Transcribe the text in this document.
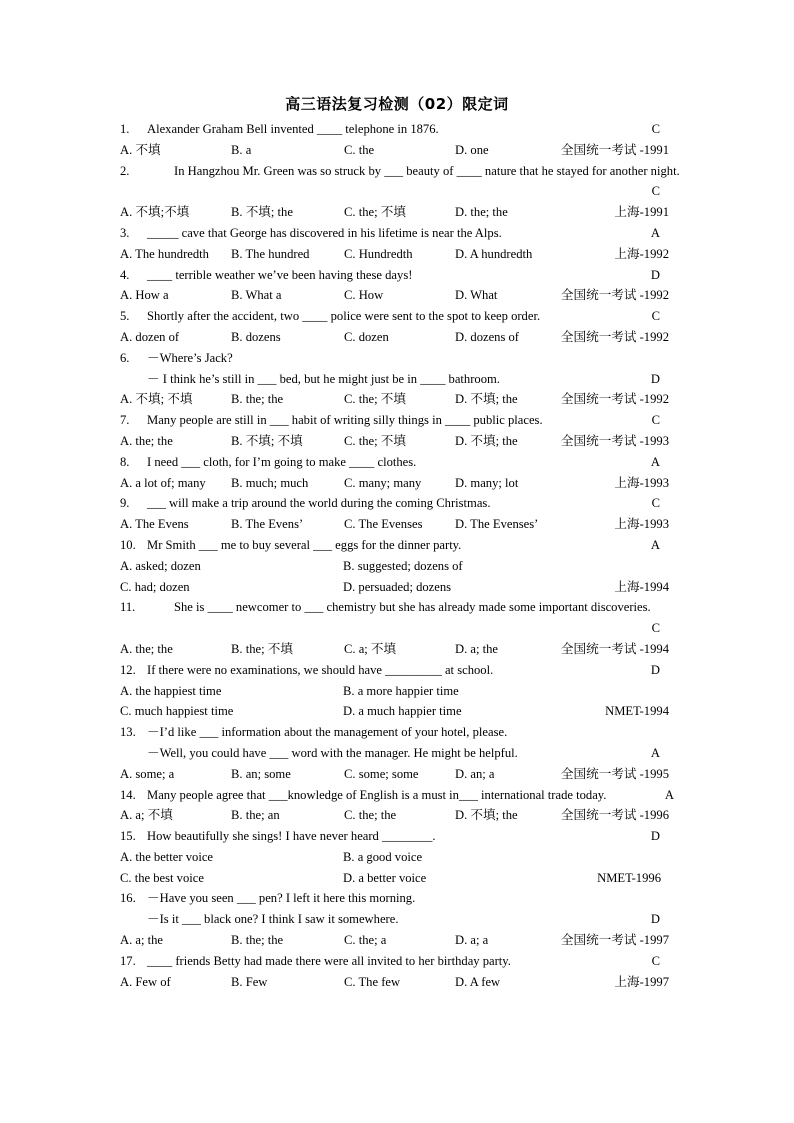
高三语法复习检测（02）限定词
1. Alexander Graham Bell invented ____ telephone in 1876.	C
A. 不填	B. a	C. the	D. one	全国统一考试 -1991
2.	In Hangzhou Mr. Green was so struck by ___ beauty of ____ nature that he stayed for another night.
C
A. 不填;不填	B. 不填; the	C. the; 不填	D. the; the	上海-1991
3. _____ cave that George has discovered in his lifetime is near the Alps.	A
A. The hundredth B. The hundred	C. Hundredth	D. A hundredth	上海-1992
4. ____ terrible weather we’ve been having these days!	D
A. How a	B. What a	C. How	D. What	全国统一考试 -1992
5. Shortly after the accident, two ____ police were sent to the spot to keep order.	C
A. dozen of	B. dozens	C. dozen	D. dozens of	全国统一考试 -1992
6. －Where’s Jack?
－ I think he’s still in ___ bed, but he might just be in ____ bathroom.	D
A. 不填; 不填	B. the; the	C. the; 不填	D. 不填; the	全国统一考试 -1992
7. Many people are still in ___ habit of writing silly things in ____ public places.	C
A. the; the	B. 不填; 不填	C. the; 不填	D. 不填; the	全国统一考试 -1993
8. I need ___ cloth, for I’m going to make ____ clothes.	A
A. a lot of; many B. much; much	C. many; many	D. many; lot	上海-1993
9. ___ will make a trip around the world during the coming Christmas.	C
A. The Evens	B. The Evens’	C. The Evenses	D. The Evenses’	上海-1993
10. Mr Smith ___ me to buy several ___ eggs for the dinner party.	A
A. asked; dozen	B. suggested; dozens of
C. had; dozen	D. persuaded; dozens	上海-1994
11.	She is ____ newcomer to ___ chemistry but she has already made some important discoveries.
C
A. the; the	B. the; 不填	C. a; 不填	D. a; the	全国统一考试 -1994
12. If there were no examinations, we should have _________ at school.	D
A. the happiest time	B. a more happier time
C. much happiest time	D. a much happier time	NMET-1994
13. －I’d like ___ information about the management of your hotel, please.
－Well, you could have ___ word with the manager. He might be helpful.	A
A. some; a	B. an; some	C. some; some	D. an; a	全国统一考试 -1995
14. Many people agree that ___knowledge of English is a must in___ international trade today.	A
A. a; 不填	B. the; an	C. the; the	D. 不填; the	全国统一考试 -1996
15. How beautifully she sings! I have never heard ________.	D
A. the better voice	B. a good voice
C. the best voice	D. a better voice	NMET-1996
16. －Have you seen ___ pen? I left it here this morning.
－Is it ___ black one? I think I saw it somewhere.	D
A. a; the	B. the; the	C. the; a	D. a; a	全国统一考试 -1997
17. ____ friends Betty had made there were all invited to her birthday party.	C
A. Few of	B. Few	C. The few	D. A few	上海-1997
